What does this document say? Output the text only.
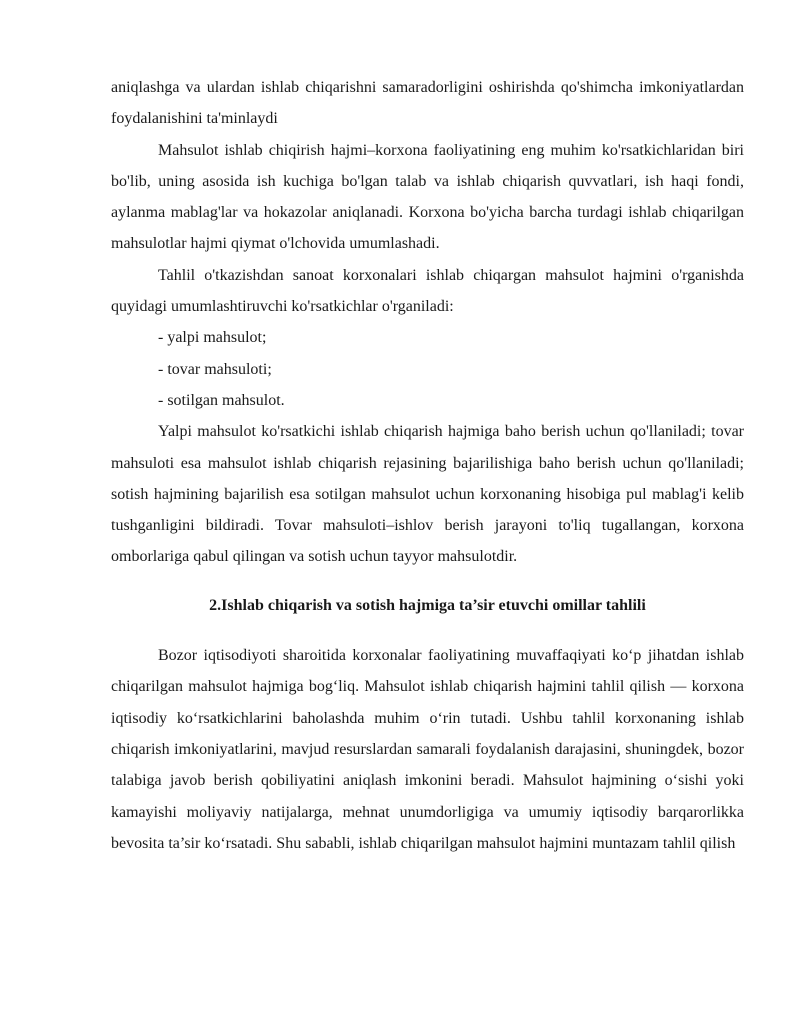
aniqlashga va ulardan ishlab chiqarishni samaradorligini oshirishda qo'shimcha imkoniyatlardan foydalanishini ta'minlaydi

Mahsulot ishlab chiqirish hajmi–korxona faoliyatining eng muhim ko'rsatkichlaridan biri bo'lib, uning asosida ish kuchiga bo'lgan talab va ishlab chiqarish quvvatlari, ish haqi fondi, aylanma mablag'lar va hokazolar aniqlanadi. Korxona bo'yicha barcha turdagi ishlab chiqarilgan mahsulotlar hajmi qiymat o'lchovida umumlashadi.

Tahlil o'tkazishdan sanoat korxonalari ishlab chiqargan mahsulot hajmini o'rganishda quyidagi umumlashtiruvchi ko'rsatkichlar o'rganiladi:

- yalpi mahsulot;

- tovar mahsuloti;

- sotilgan mahsulot.

Yalpi mahsulot ko'rsatkichi ishlab chiqarish hajmiga baho berish uchun qo'llaniladi; tovar mahsuloti esa mahsulot ishlab chiqarish rejasining bajarilishiga baho berish uchun qo'llaniladi; sotish hajmining bajarilish esa sotilgan mahsulot uchun korxonaning hisobiga pul mablag'i kelib tushganligini bildiradi. Tovar mahsuloti–ishlov berish jarayoni to'liq tugallangan, korxona omborlariga qabul qilingan va sotish uchun tayyor mahsulotdir.

2.Ishlab chiqarish va sotish hajmiga ta’sir etuvchi omillar tahlili

Bozor iqtisodiyoti sharoitida korxonalar faoliyatining muvaffaqiyati ko‘p jihatdan ishlab chiqarilgan mahsulot hajmiga bog‘liq. Mahsulot ishlab chiqarish hajmini tahlil qilish — korxona iqtisodiy ko‘rsatkichlarini baholashda muhim o‘rin tutadi. Ushbu tahlil korxonaning ishlab chiqarish imkoniyatlarini, mavjud resurslardan samarali foydalanish darajasini, shuningdek, bozor talabiga javob berish qobiliyatini aniqlash imkonini beradi. Mahsulot hajmining o‘sishi yoki kamayishi moliyaviy natijalarga, mehnat unumdorligiga va umumiy iqtisodiy barqarorlikka bevosita ta’sir ko‘rsatadi. Shu sababli, ishlab chiqarilgan mahsulot hajmini muntazam tahlil qilish
